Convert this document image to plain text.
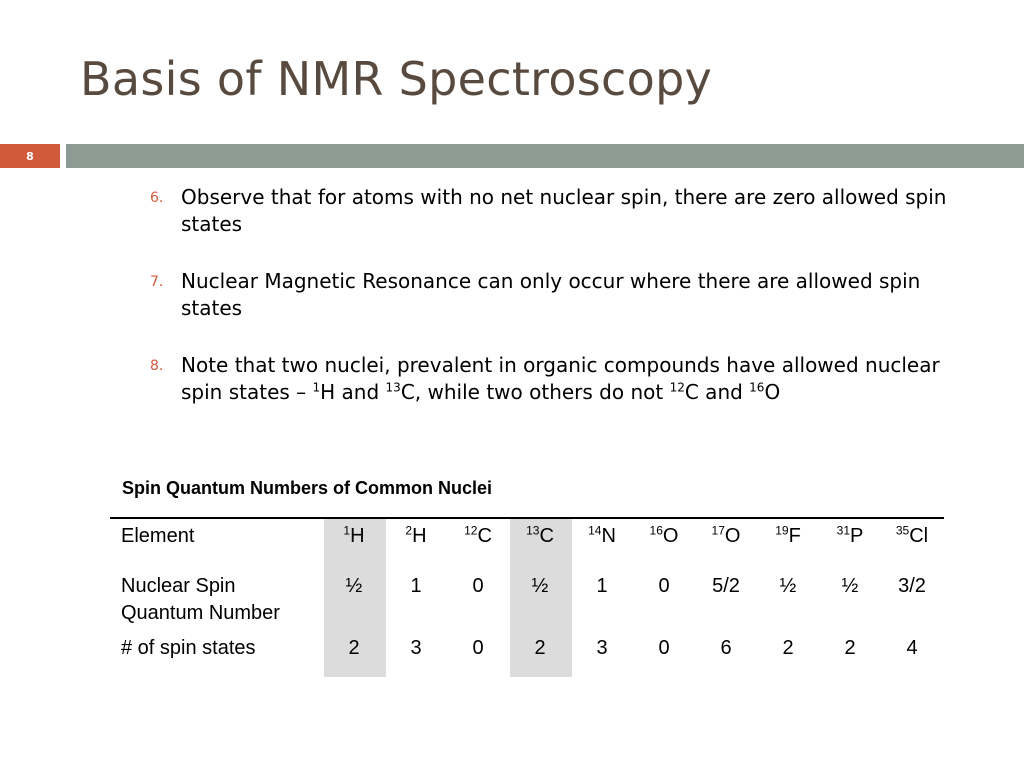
Basis of NMR Spectroscopy
8
6. Observe that for atoms with no net nuclear spin, there are zero allowed spin states
7. Nuclear Magnetic Resonance can only occur where there are allowed spin states
8. Note that two nuclei, prevalent in organic compounds have allowed nuclear spin states – $^1$H and $^{13}$C, while two others do not $^{12}$C and $^{16}$O
Spin Quantum Numbers of Common Nuclei
Element	$^1$H	$^2$H	$^{12}$C	$^{13}$C	$^{14}$N	$^{16}$O	$^{17}$O	$^{19}$F	$^{31}$P	$^{35}$Cl
Nuclear Spin
Quantum Number	½	1	0	½	1	0	5/2	½	½	3/2
# of spin states	2	3	0	2	3	0	6	2	2	4
